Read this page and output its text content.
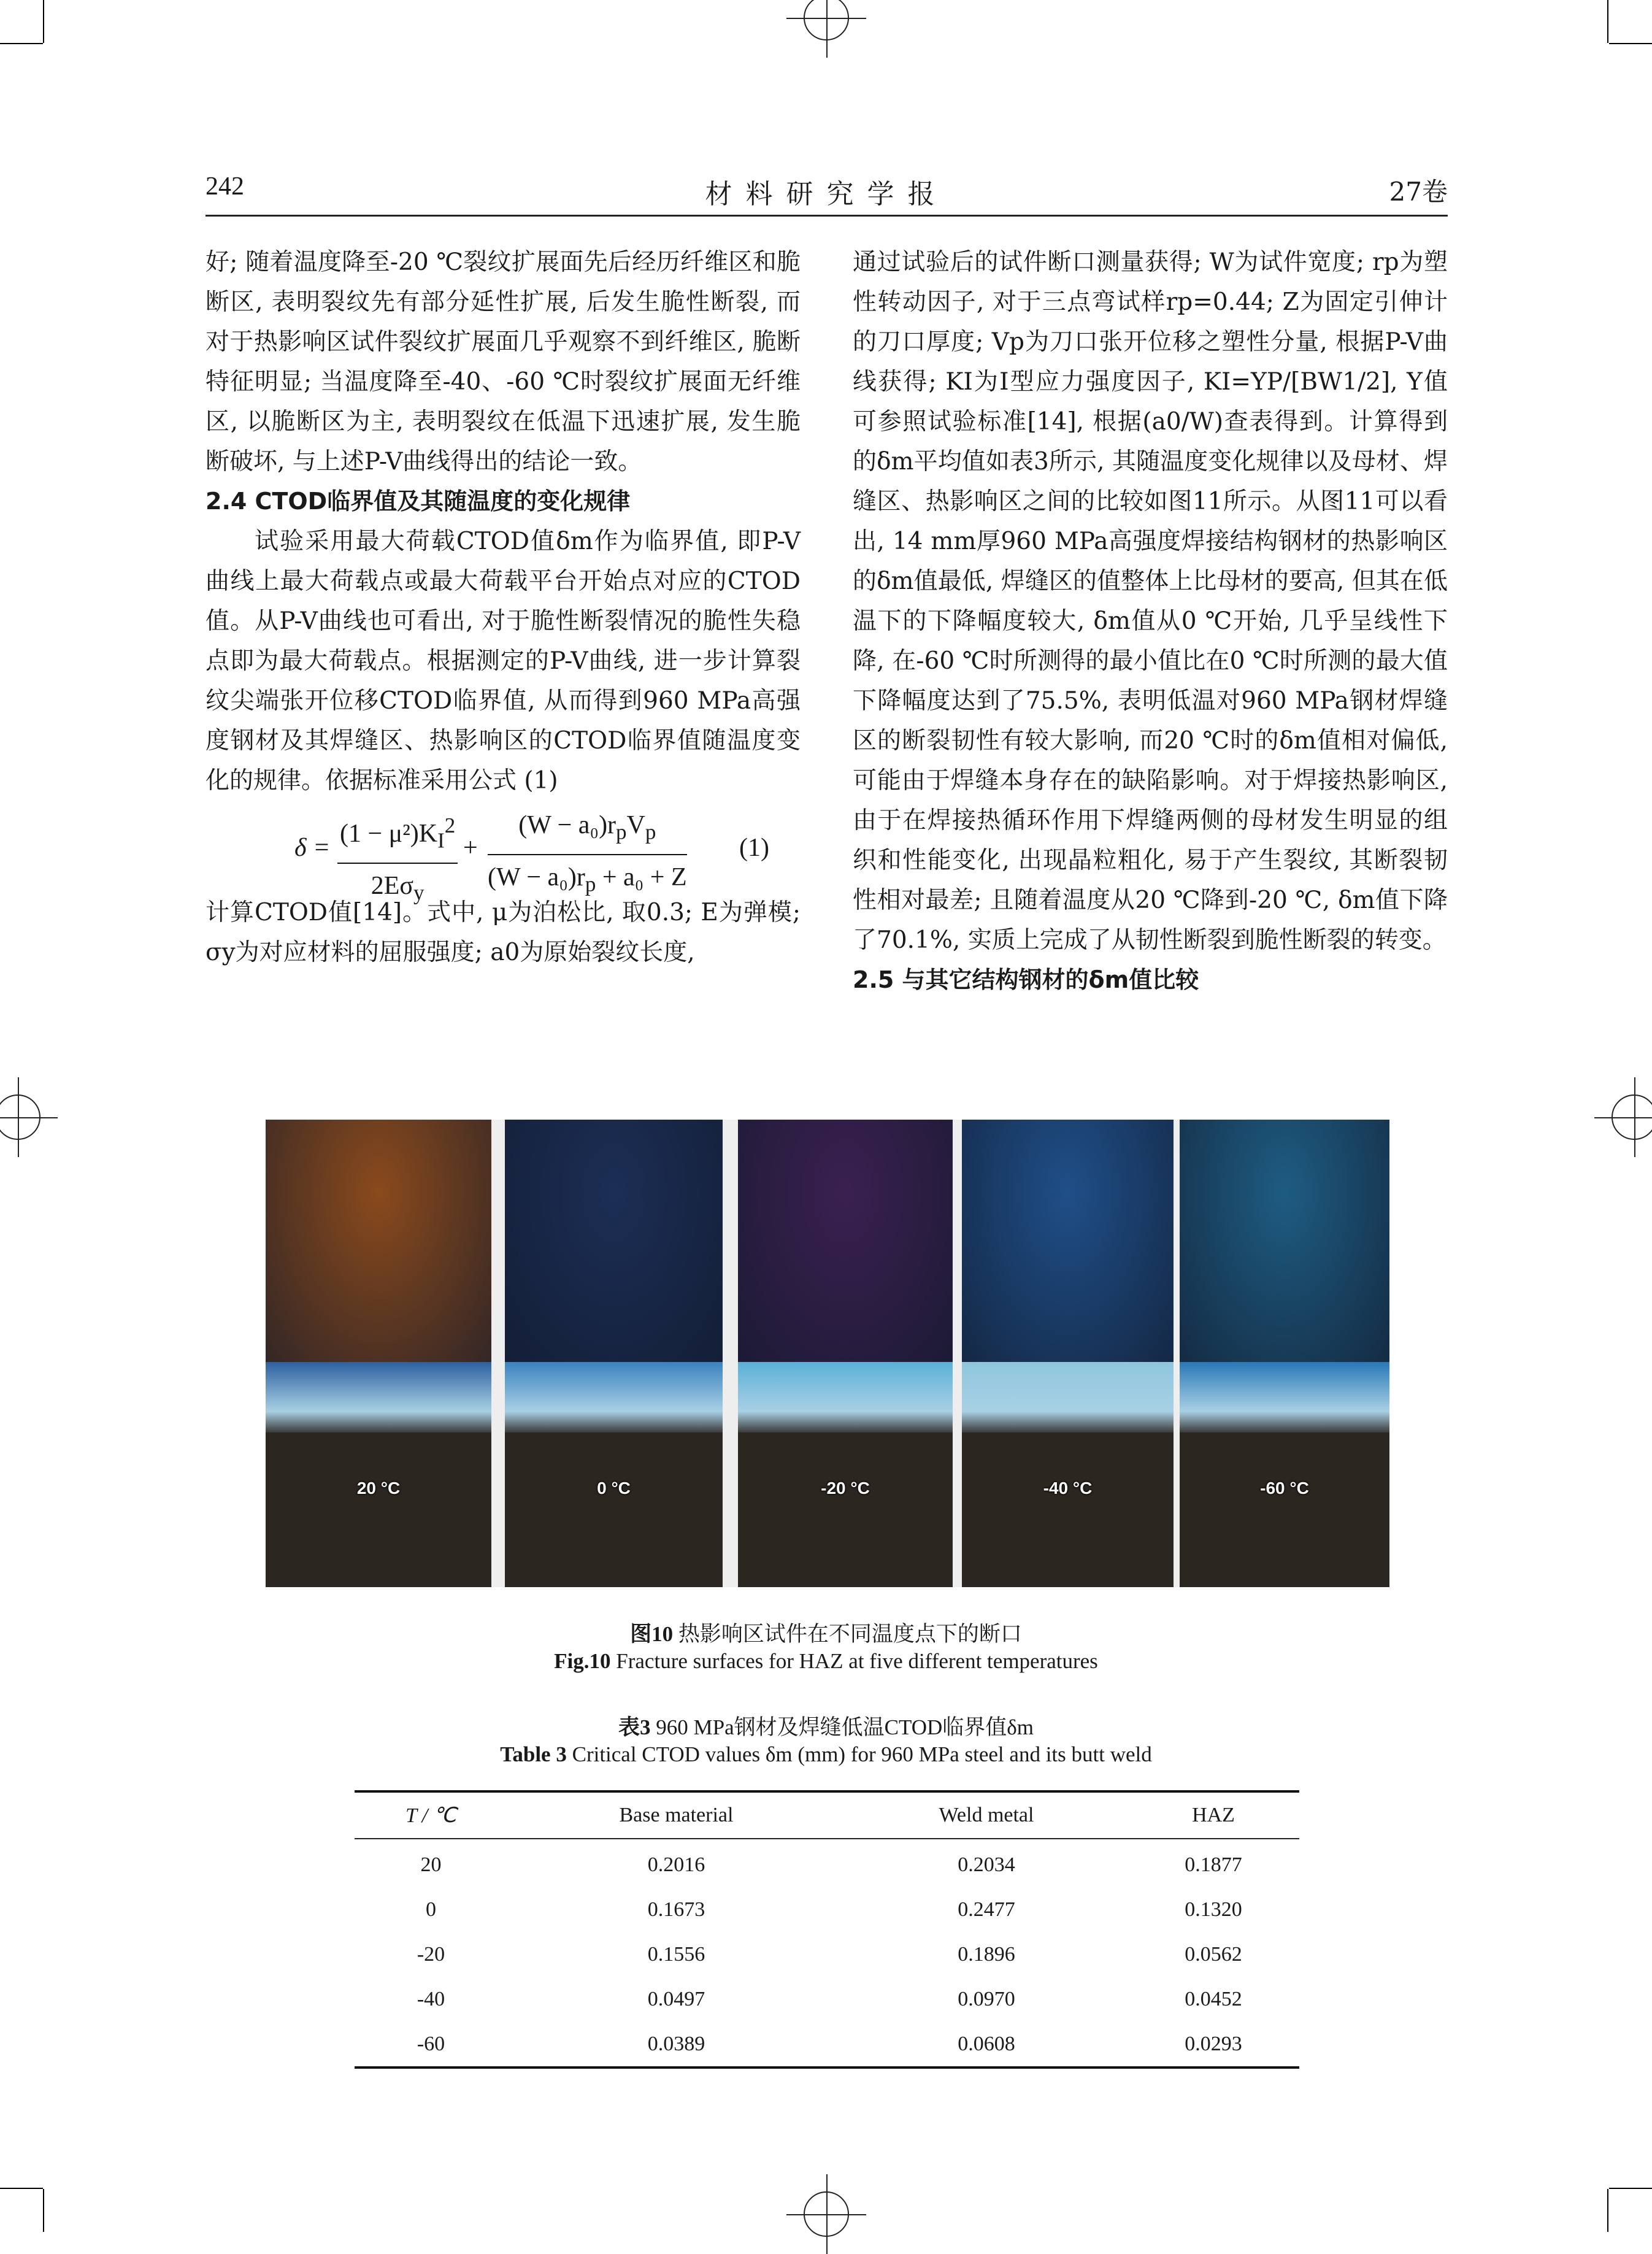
242	材料研究学报	27卷

好; 随着温度降至-20 ℃裂纹扩展面先后经历纤维区和脆断区, 表明裂纹先有部分延性扩展, 后发生脆性断裂, 而对于热影响区试件裂纹扩展面几乎观察不到纤维区, 脆断特征明显; 当温度降至-40、-60 ℃时裂纹扩展面无纤维区, 以脆断区为主, 表明裂纹在低温下迅速扩展, 发生脆断破坏, 与上述P-V曲线得出的结论一致。

2.4 CTOD临界值及其随温度的变化规律

试验采用最大荷载CTOD值δm作为临界值, 即P-V曲线上最大荷载点或最大荷载平台开始点对应的CTOD值。从P-V曲线也可看出, 对于脆性断裂情况的脆性失稳点即为最大荷载点。根据测定的P-V曲线, 进一步计算裂纹尖端张开位移CTOD临界值, 从而得到960 MPa高强度钢材及其焊缝区、热影响区的CTOD临界值随温度变化的规律。依据标准采用公式 (1)

$\delta = (1 - \mu^2)K_I^2$
$2E\sigma_y$
+
$(W - a_0)r_pV_p$
$(W - a_0)r_p + a_0 + Z$
(1)

计算CTOD值[14]。式中, μ为泊松比, 取0.3; E为弹模; σy为对应材料的屈服强度; a0为原始裂纹长度,

通过试验后的试件断口测量获得; W为试件宽度; rp为塑性转动因子, 对于三点弯试样rp=0.44; Z为固定引伸计的刀口厚度; Vp为刀口张开位移之塑性分量, 根据P-V曲线获得; KI为I型应力强度因子, KI=YP/[BW1/2], Y值可参照试验标准[14], 根据(a0/W)查表得到。计算得到的δm平均值如表3所示, 其随温度变化规律以及母材、焊缝区、热影响区之间的比较如图11所示。从图11可以看出, 14 mm厚960 MPa高强度焊接结构钢材的热影响区的δm值最低, 焊缝区的值整体上比母材的要高, 但其在低温下的下降幅度较大, δm值从0 ℃开始, 几乎呈线性下降, 在-60 ℃时所测得的最小值比在0 ℃时所测的最大值下降幅度达到了75.5%, 表明低温对960 MPa钢材焊缝区的断裂韧性有较大影响, 而20 ℃时的δm值相对偏低, 可能由于焊缝本身存在的缺陷影响。对于焊接热影响区, 由于在焊接热循环作用下焊缝两侧的母材发生明显的组织和性能变化, 出现晶粒粗化, 易于产生裂纹, 其断裂韧性相对最差; 且随着温度从20 ℃降到-20 ℃, δm值下降了70.1%, 实质上完成了从韧性断裂到脆性断裂的转变。

2.5 与其它结构钢材的δm值比较
20 °C	0 °C	-20 °C	-40 °C	-60 °C
图10 热影响区试件在不同温度点下的断口
Fig.10 Fracture surfaces for HAZ at five different temperatures
表3 960 MPa钢材及焊缝低温CTOD临界值δm
Table 3 Critical CTOD values δm (mm) for 960 MPa steel and its butt weld
T / ℃	Base material	Weld metal	HAZ
20	0.2016	0.2034	0.1877
0	0.1673	0.2477	0.1320
-20	0.1556	0.1896	0.0562
-40	0.0497	0.0970	0.0452
-60	0.0389	0.0608	0.0293
